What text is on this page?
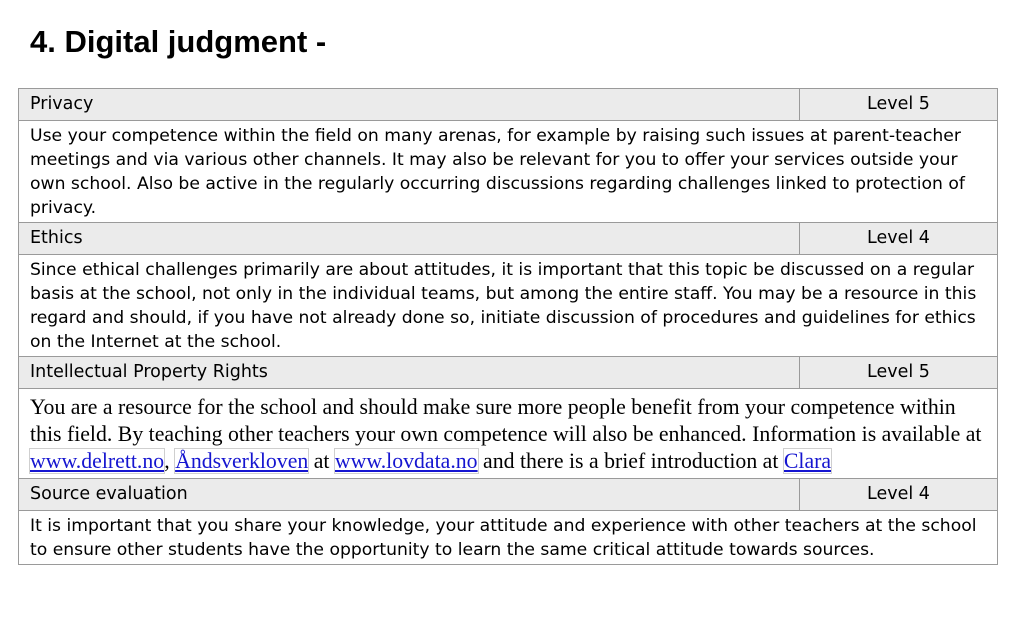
4. Digital judgment -
Privacy	Level 5
Use your competence within the field on many arenas, for example by raising such issues at parent-teacher meetings and via various other channels. It may also be relevant for you to offer your services outside your own school. Also be active in the regularly occurring discussions regarding challenges linked to protection of privacy.	
Ethics	Level 4
Since ethical challenges primarily are about attitudes, it is important that this topic be discussed on a regular basis at the school, not only in the individual teams, but among the entire staff. You may be a resource in this regard and should, if you have not already done so, initiate discussion of procedures and guidelines for ethics on the Internet at the school.	
Intellectual Property Rights	Level 5
You are a resource for the school and should make sure more people benefit from your competence within this field. By teaching other teachers your own competence will also be enhanced. Information is available at www.delrett.no, Åndsverkloven at www.lovdata.no and there is a brief introduction at Clara	
Source evaluation	Level 4
It is important that you share your knowledge, your attitude and experience with other teachers at the school to ensure other students have the opportunity to learn the same critical attitude towards sources.	
